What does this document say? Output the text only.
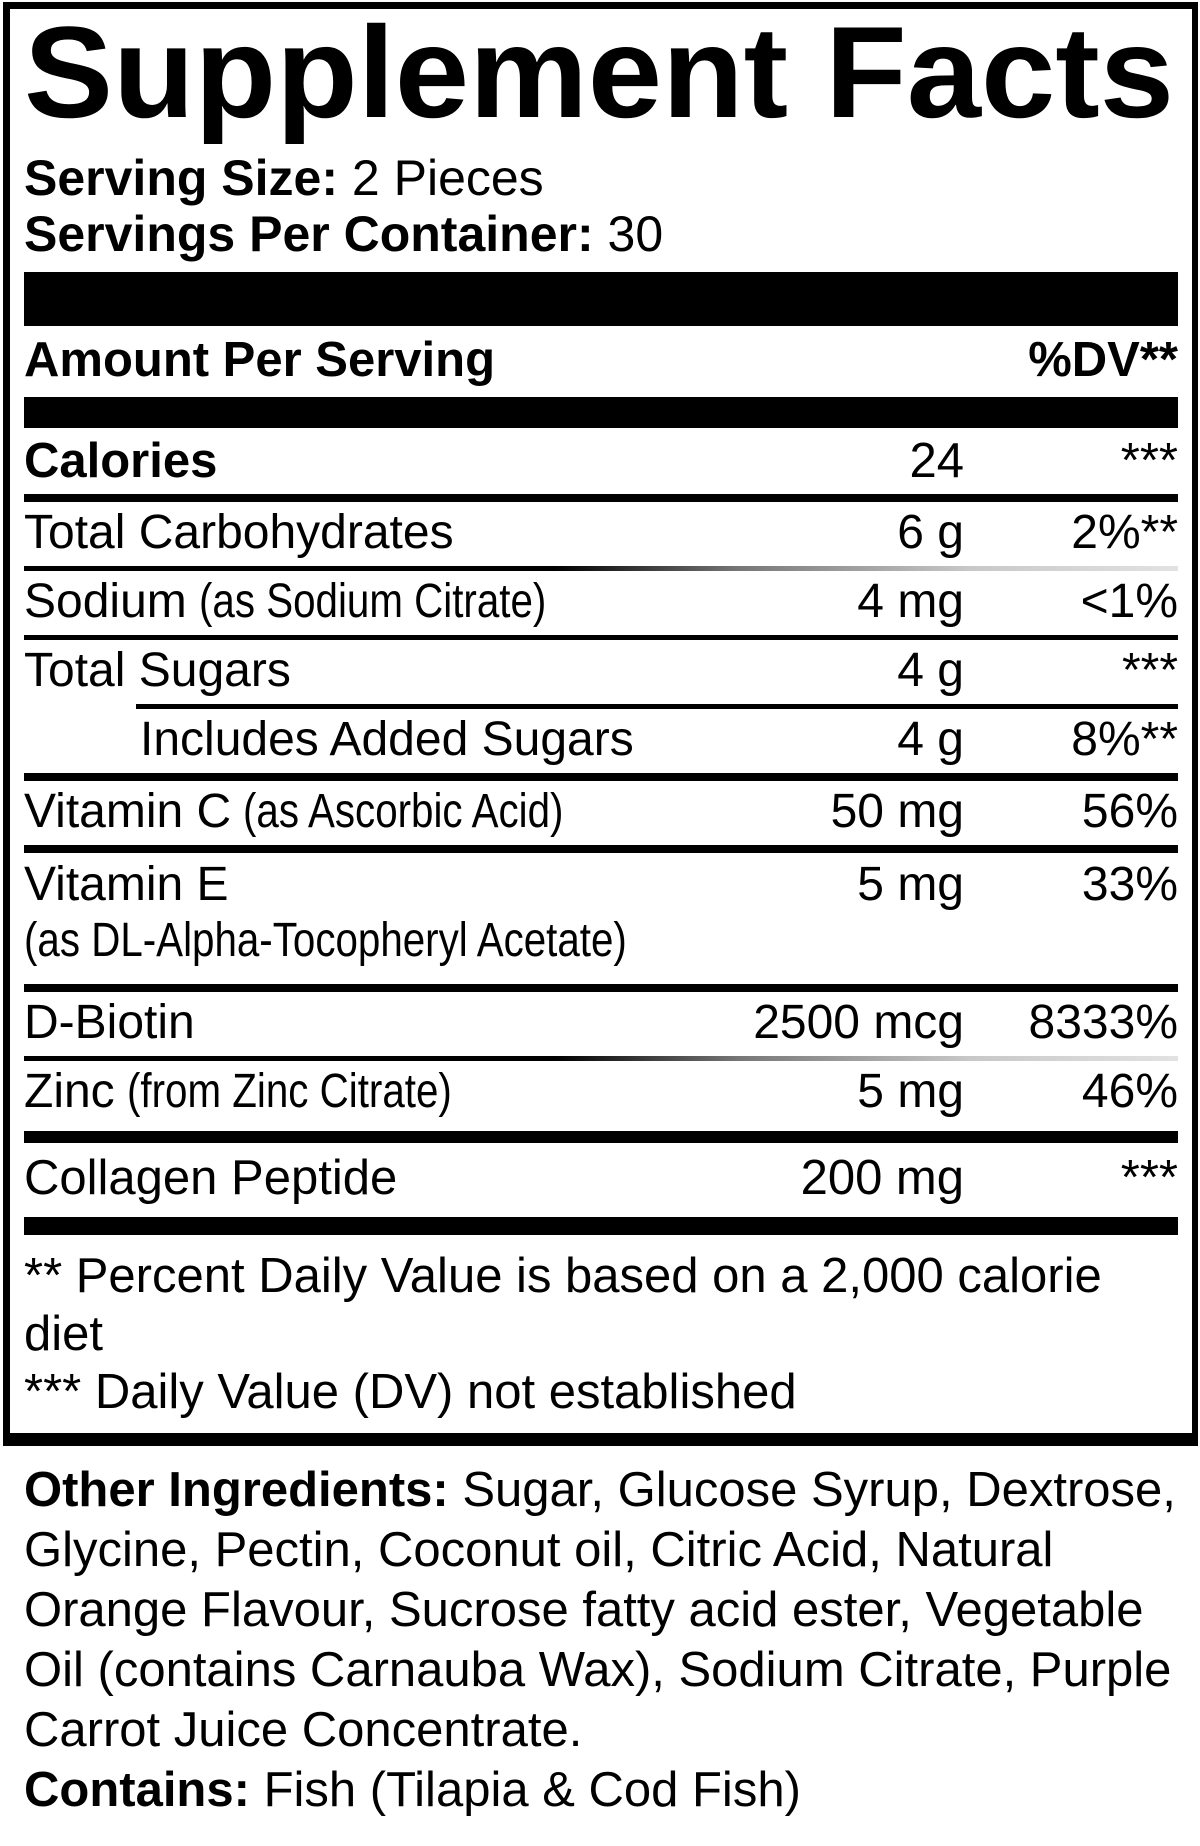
Supplement Facts
Serving Size: 2 Pieces
Servings Per Container: 30
Amount Per Serving	%DV**
Calories	24	***
Total Carbohydrates	6 g	2%**
Sodium (as Sodium Citrate)	4 mg	<1%
Total Sugars	4 g	***
Includes Added Sugars	4 g	8%**
Vitamin C (as Ascorbic Acid)	50 mg	56%
Vitamin E	5 mg	33%
(as DL-Alpha-Tocopheryl Acetate)
D-Biotin	2500 mcg	8333%
Zinc (from Zinc Citrate)	5 mg	46%
Collagen Peptide	200 mg	***

** Percent Daily Value is based on a 2,000 calorie diet

*** Daily Value (DV) not established

Other Ingredients: Sugar, Glucose Syrup, Dextrose, Glycine, Pectin, Coconut oil, Citric Acid, Natural Orange Flavour, Sucrose fatty acid ester, Vegetable Oil (contains Carnauba Wax), Sodium Citrate, Purple Carrot Juice Concentrate.

Contains: Fish (Tilapia & Cod Fish)
